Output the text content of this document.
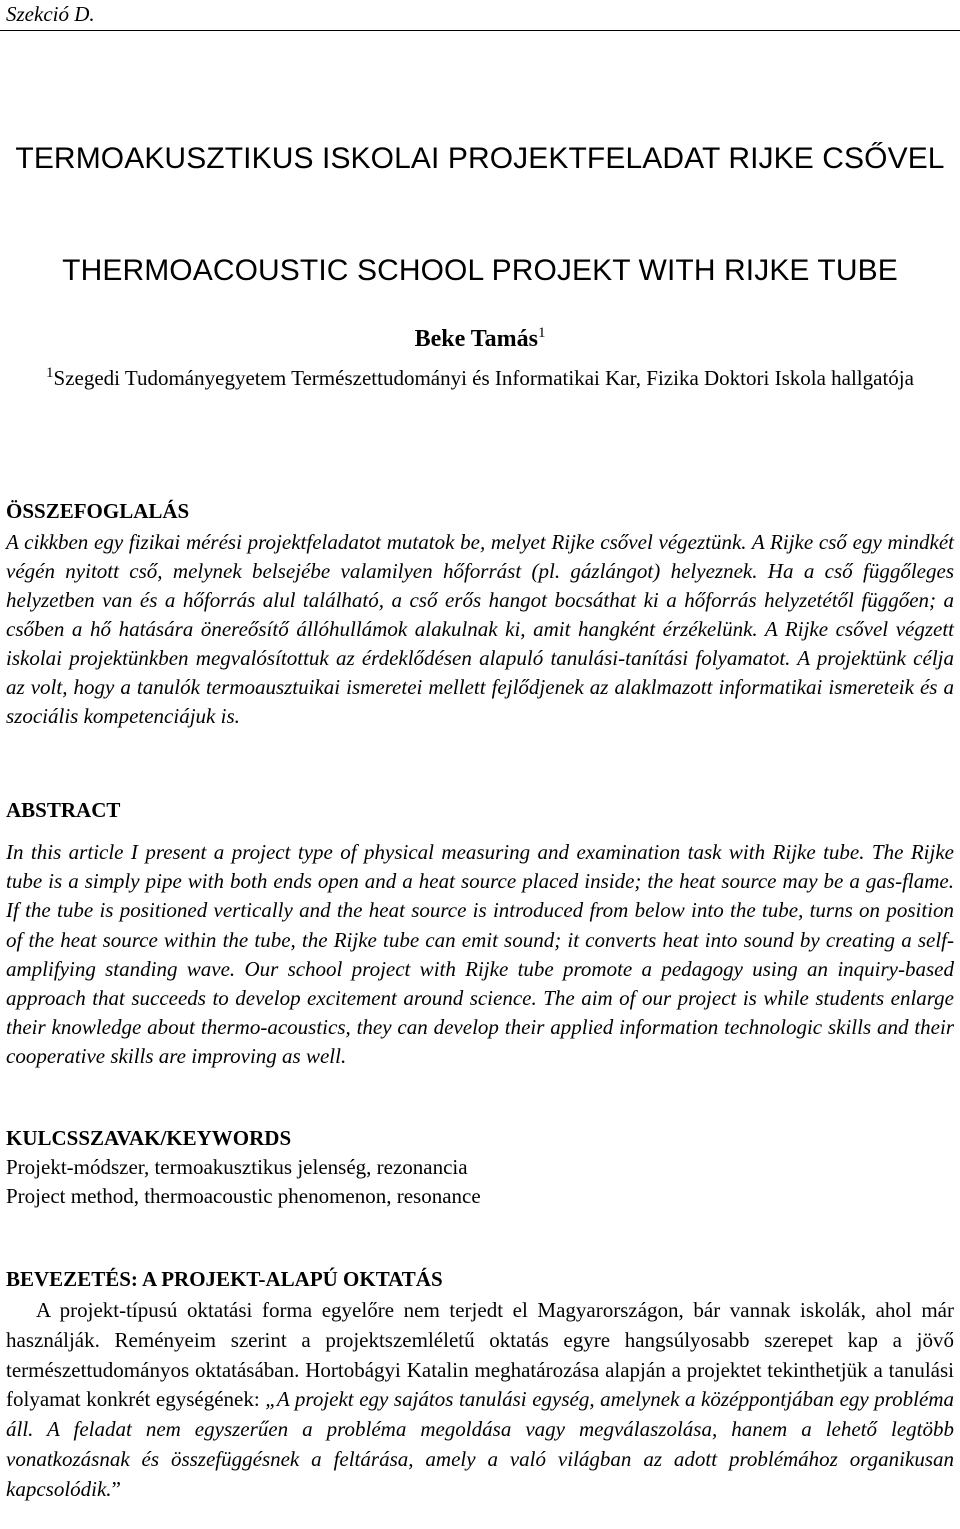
Szekció D.
TERMOAKUSZTIKUS ISKOLAI PROJEKTFELADAT RIJKE CSŐVEL
THERMOACOUSTIC SCHOOL PROJEKT WITH RIJKE TUBE
Beke Tamás$^1$
$^1$Szegedi Tudományegyetem Természettudományi és Informatikai Kar, Fizika Doktori Iskola hallgatója
ÖSSZEFOGLALÁS
A cikkben egy fizikai mérési projektfeladatot mutatok be, melyet Rijke csővel végeztünk. A Rijke cső egy mindkét végén nyitott cső, melynek belsejébe valamilyen hőforrást (pl. gázlángot) helyeznek. Ha a cső függőleges helyzetben van és a hőforrás alul található, a cső erős hangot bocsáthat ki a hőforrás helyzetétől függően; a csőben a hő hatására önereősítő állóhullámok alakulnak ki, amit hangként érzékelünk. A Rijke csővel végzett iskolai projektünkben megvalósítottuk az érdeklődésen alapuló tanulási-tanítási folyamatot. A projektünk célja az volt, hogy a tanulók termoausztuikai ismeretei mellett fejlődjenek az alaklmazott informatikai ismereteik és a szociális kompetenciájuk is.
ABSTRACT
In this article I present a project type of physical measuring and examination task with Rijke tube. The Rijke tube is a simply pipe with both ends open and a heat source placed inside; the heat source may be a gas-flame. If the tube is positioned vertically and the heat source is introduced from below into the tube, turns on position of the heat source within the tube, the Rijke tube can emit sound; it converts heat into sound by creating a self-amplifying standing wave. Our school project with Rijke tube promote a pedagogy using an inquiry-based approach that succeeds to develop excitement around science. The aim of our project is while students enlarge their knowledge about thermo-acoustics, they can develop their applied information technologic skills and their cooperative skills are improving as well.
KULCSSZAVAK/KEYWORDS
Projekt-módszer, termoakusztikus jelenség, rezonancia
Project method, thermoacoustic phenomenon, resonance
BEVEZETÉS: A PROJEKT-ALAPÚ OKTATÁS
A projekt-típusú oktatási forma egyelőre nem terjedt el Magyarországon, bár vannak iskolák, ahol már használják. Reményeim szerint a projektszemléletű oktatás egyre hangsúlyosabb szerepet kap a jövő természettudományos oktatásában. Hortobágyi Katalin meghatározása alapján a projektet tekinthetjük a tanulási folyamat konkrét egységének: „A projekt egy sajátos tanulási egység, amelynek a középpontjában egy probléma áll. A feladat nem egyszerűen a probléma megoldása vagy megválaszolása, hanem a lehető legtöbb vonatkozásnak és összefüggésnek a feltárása, amely a való világban az adott problémához organikusan kapcsolódik.”
